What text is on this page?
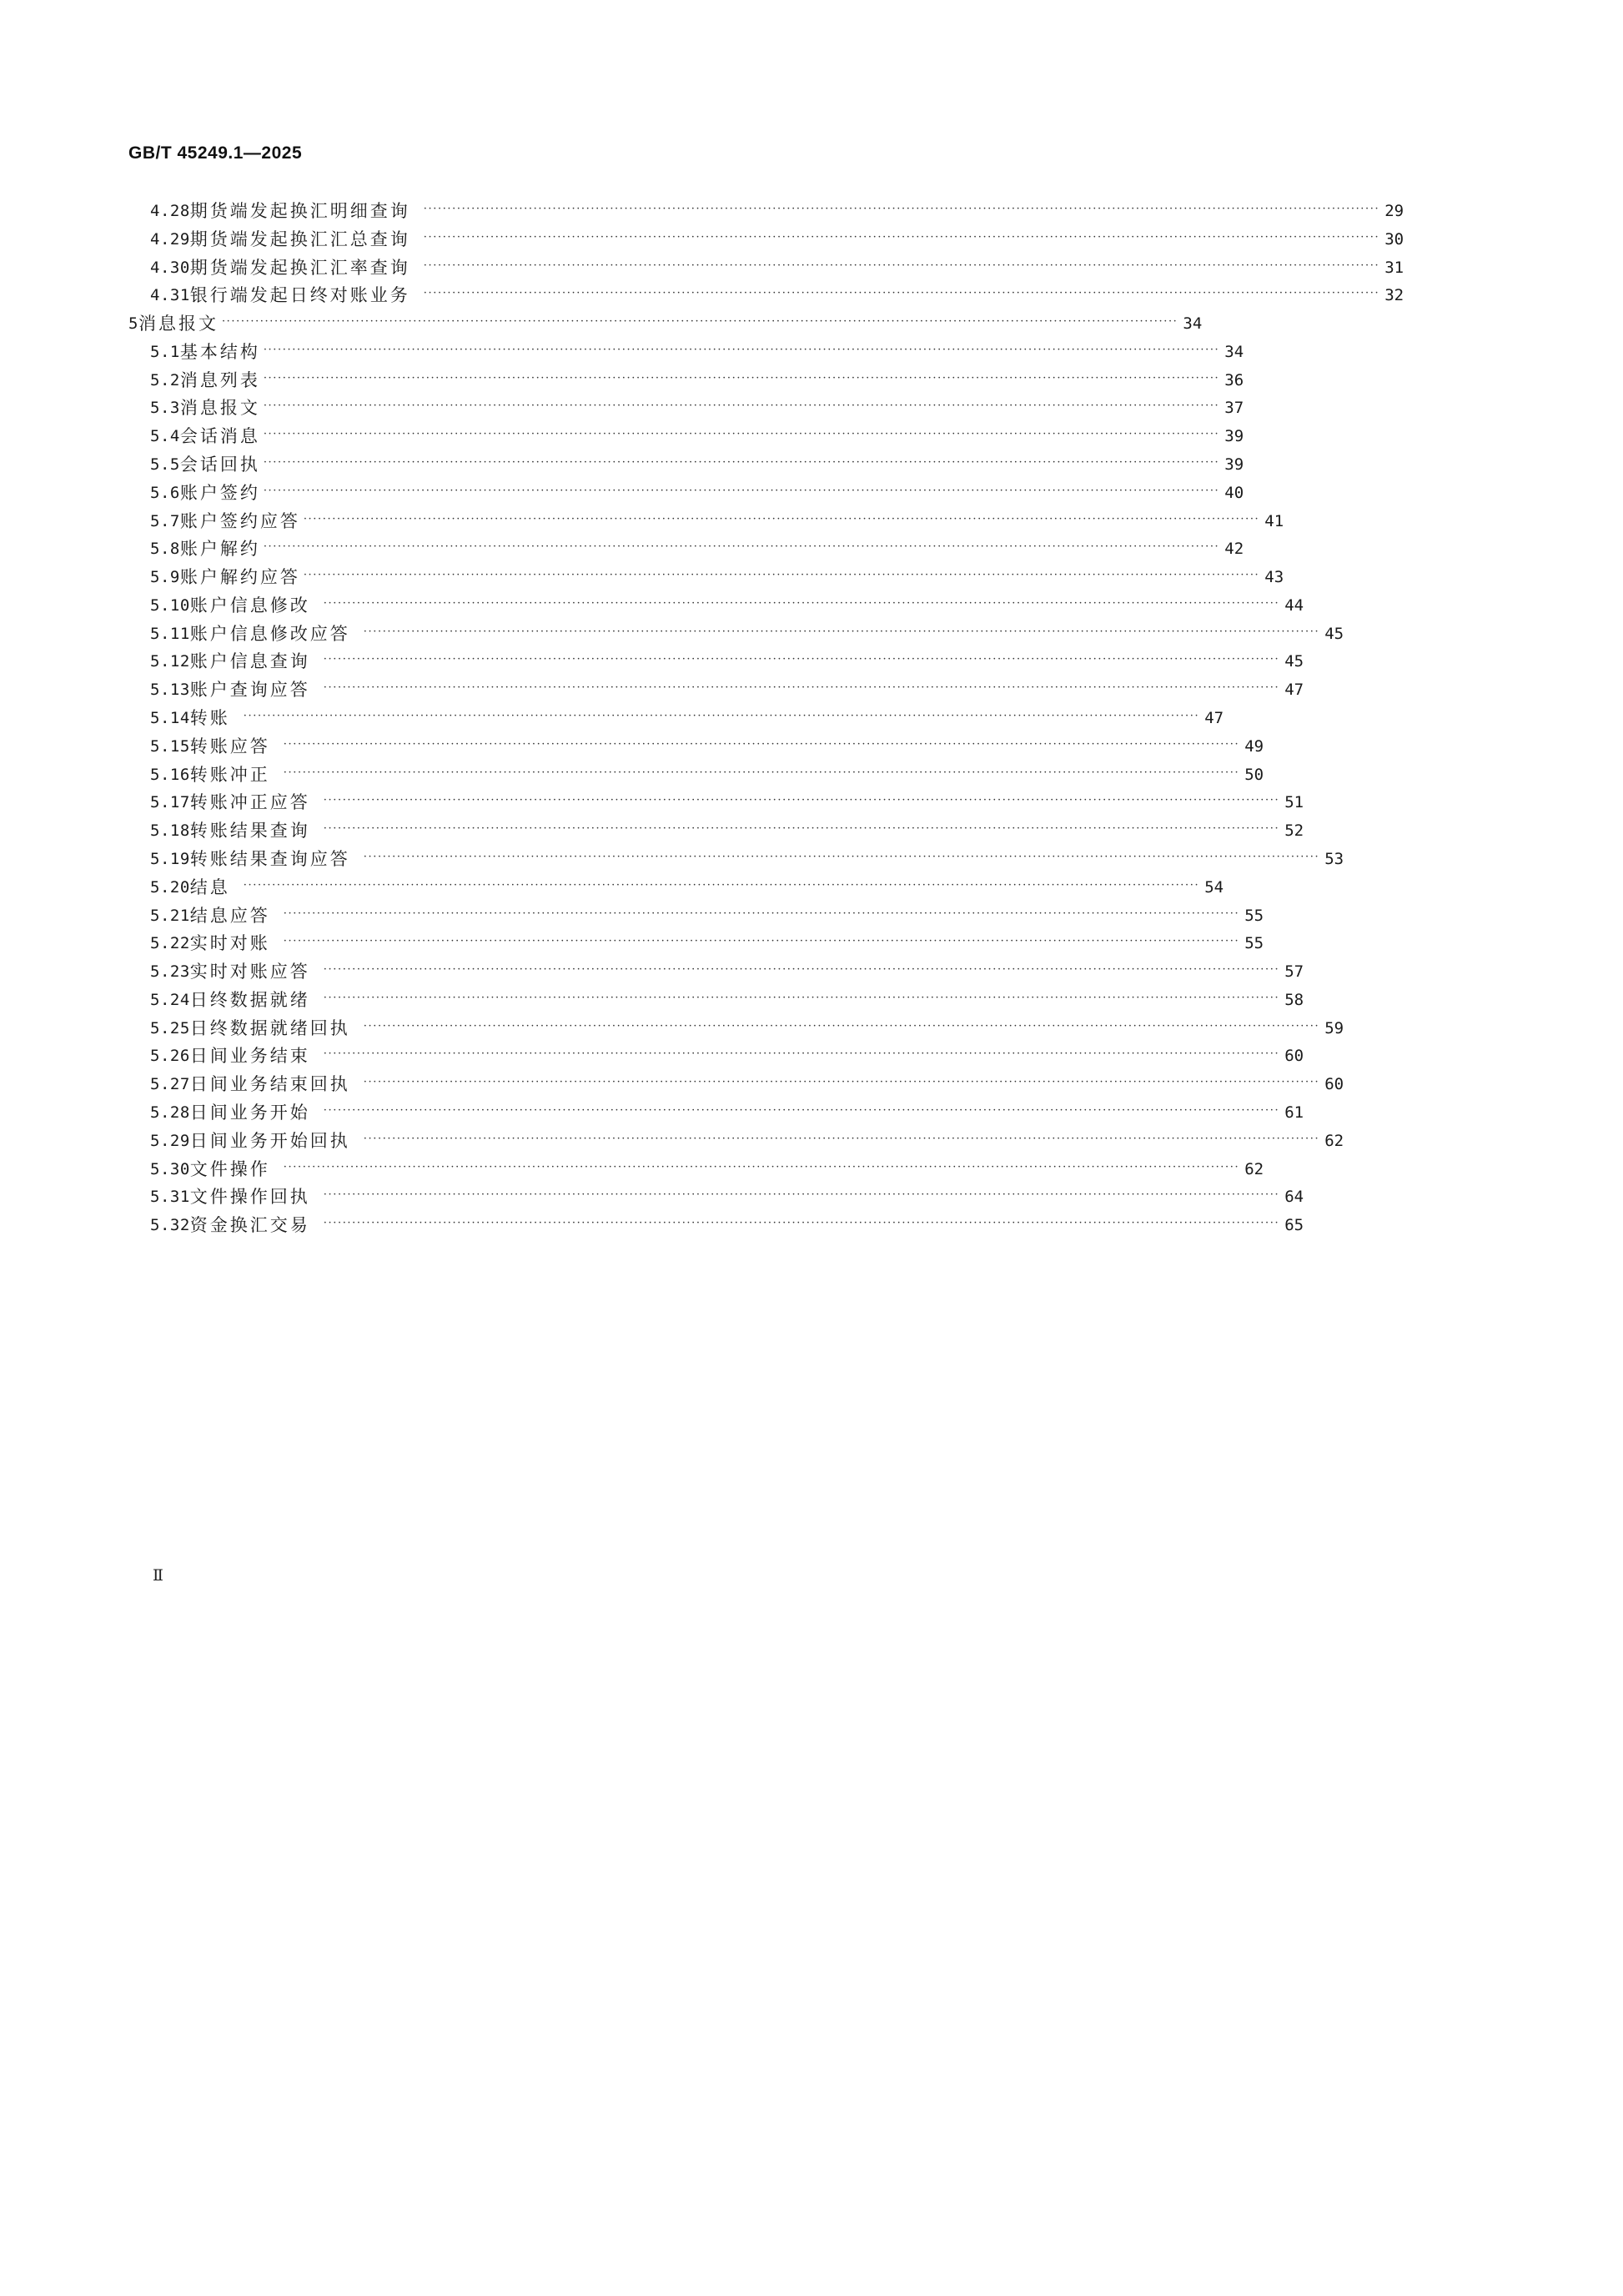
GB/T 45249.1—2025
4.28 期货端发起换汇明细查询 ········································································································································································································ 29
4.29 期货端发起换汇汇总查询 ········································································································································································································ 30
4.30 期货端发起换汇汇率查询 ········································································································································································································ 31
4.31 银行端发起日终对账业务 ········································································································································································································ 32
5 消息报文 ········································································································································································································ 34
5.1 基本结构 ········································································································································································································ 34
5.2 消息列表 ········································································································································································································ 36
5.3 消息报文 ········································································································································································································ 37
5.4 会话消息 ········································································································································································································ 39
5.5 会话回执 ········································································································································································································ 39
5.6 账户签约 ········································································································································································································ 40
5.7 账户签约应答 ········································································································································································································ 41
5.8 账户解约 ········································································································································································································ 42
5.9 账户解约应答 ········································································································································································································ 43
5.10 账户信息修改 ········································································································································································································ 44
5.11 账户信息修改应答 ········································································································································································································ 45
5.12 账户信息查询 ········································································································································································································ 45
5.13 账户查询应答 ········································································································································································································ 47
5.14 转账 ········································································································································································································ 47
5.15 转账应答 ········································································································································································································ 49
5.16 转账冲正 ········································································································································································································ 50
5.17 转账冲正应答 ········································································································································································································ 51
5.18 转账结果查询 ········································································································································································································ 52
5.19 转账结果查询应答 ········································································································································································································ 53
5.20 结息 ········································································································································································································ 54
5.21 结息应答 ········································································································································································································ 55
5.22 实时对账 ········································································································································································································ 55
5.23 实时对账应答 ········································································································································································································ 57
5.24 日终数据就绪 ········································································································································································································ 58
5.25 日终数据就绪回执 ········································································································································································································ 59
5.26 日间业务结束 ········································································································································································································ 60
5.27 日间业务结束回执 ········································································································································································································ 60
5.28 日间业务开始 ········································································································································································································ 61
5.29 日间业务开始回执 ········································································································································································································ 62
5.30 文件操作 ········································································································································································································ 62
5.31 文件操作回执 ········································································································································································································ 64
5.32 资金换汇交易 ········································································································································································································ 65
Ⅱ
